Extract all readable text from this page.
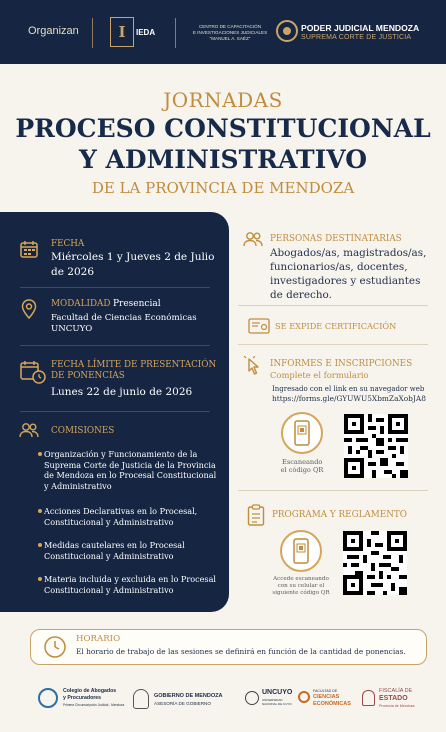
Organizan	I	IEDA
CENTRO DE CAPACITACIÓN
E INVESTIGACIONES JUDICIALES
"MANUEL A. SAÉZ"
PODER JUDICIAL MENDOZA
SUPREMA CORTE DE JUSTICIA
JORNADAS
PROCESO CONSTITUCIONAL
Y ADMINISTRATIVO
DE LA PROVINCIA DE MENDOZA
FECHA
Miércoles 1 y Jueves 2 de Julio
de 2026
MODALIDAD Presencial
Facultad de Ciencias Económicas
UNCUYO
FECHA LÍMITE DE PRESENTACIÓN
DE PONENCIAS
Lunes 22 de junio de 2026
COMISIONES
Organización y Funcionamiento de la
Suprema Corte de Justicia de la Provincia
de Mendoza en lo Procesal Constitucional
y Administrativo
Acciones Declarativas en lo Procesal,
Constitucional y Administrativo
Medidas cautelares en lo Procesal
Constitucional y Administrativo
Materia incluida y excluida en lo Procesal
Constitucional y Administrativo
PERSONAS DESTINATARIAS
Abogados/as, magistrados/as,
funcionarios/as, docentes,
investigadores y estudiantes
de derecho.
SE EXPIDE CERTIFICACIÓN
INFORMES E INSCRIPCIONES
Complete el formulario
Ingresado con el link en su navegador web
https://forms.gle/GYUWU5XbmZaXobJA8
Escaneando
el código QR
PROGRAMA Y REGLAMENTO
Accede escaneando
con su celular el
siguiente código QR
HORARIO
El horario de trabajo de las sesiones se definirá en función de la cantidad de ponencias.
Colegio de Abogados
y Procuradores
Primera Circunscripción Judicial - Mendoza
GOBIERNO DE MENDOZA
ASESORÍA DE GOBIERNO
UNCUYO
UNIVERSIDAD
NACIONAL DE CUYO
FACULTAD DE
CIENCIAS
ECONÓMICAS
FISCALÍA DE
ESTADO
Provincia de Mendoza
